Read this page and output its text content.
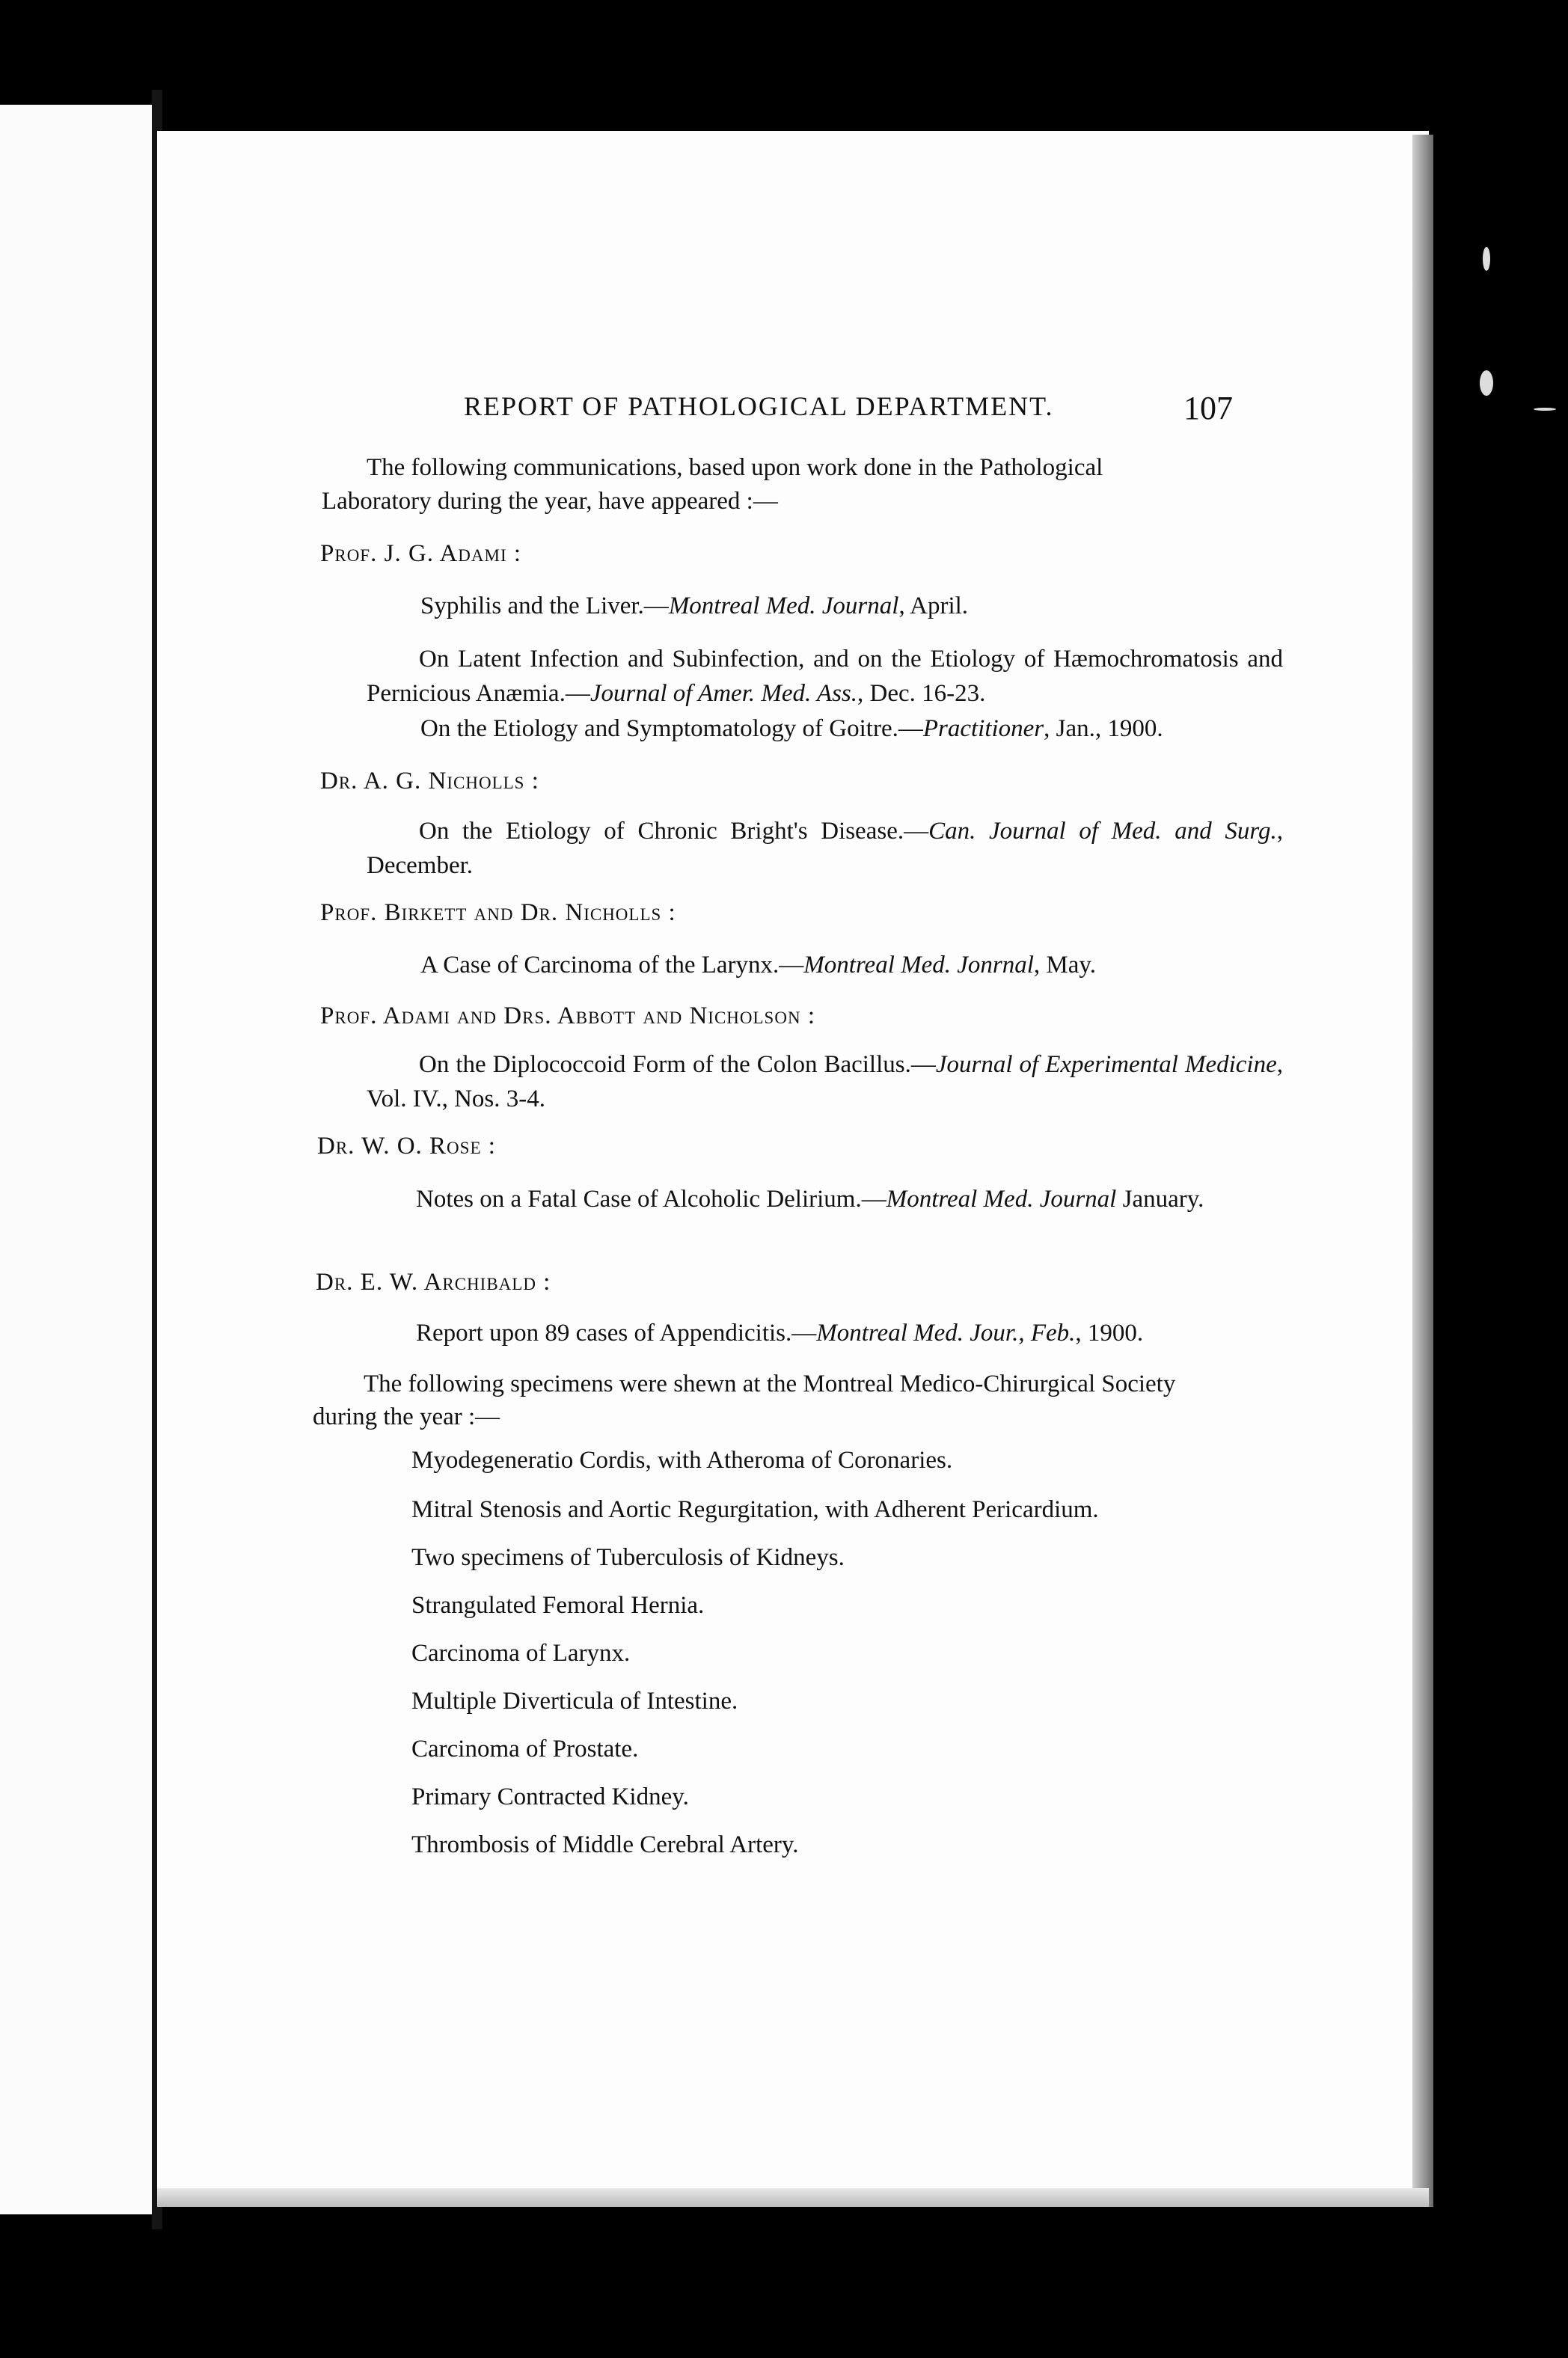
REPORT OF PATHOLOGICAL DEPARTMENT.	107
The following communications, based upon work done in the Pathological
Laboratory during the year, have appeared :—
Prof. J. G. Adami :
Syphilis and the Liver.—Montreal Med. Journal, April.
On Latent Infection and Subinfection, and on the Etiology of Hæmochromatosis and Pernicious Anæmia.—Journal of Amer. Med. Ass., Dec. 16-23.
On the Etiology and Symptomatology of Goitre.—Practitioner, Jan., 1900.
Dr. A. G. Nicholls :
On the Etiology of Chronic Bright's Disease.—Can. Journal of Med. and Surg., December.
Prof. Birkett and Dr. Nicholls :
A Case of Carcinoma of the Larynx.—Montreal Med. Jonrnal, May.
Prof. Adami and Drs. Abbott and Nicholson :
On the Diplococcoid Form of the Colon Bacillus.—Journal of Experimental Medicine, Vol. IV., Nos. 3-4.
Dr. W. O. Rose :
Notes on a Fatal Case of Alcoholic Delirium.—Montreal Med. Journal January.
Dr. E. W. Archibald :
Report upon 89 cases of Appendicitis.—Montreal Med. Jour., Feb., 1900.
The following specimens were shewn at the Montreal Medico-Chirurgical Society
during the year :—
Myodegeneratio Cordis, with Atheroma of Coronaries.
Mitral Stenosis and Aortic Regurgitation, with Adherent Pericardium.
Two specimens of Tuberculosis of Kidneys.
Strangulated Femoral Hernia.
Carcinoma of Larynx.
Multiple Diverticula of Intestine.
Carcinoma of Prostate.
Primary Contracted Kidney.
Thrombosis of Middle Cerebral Artery.
